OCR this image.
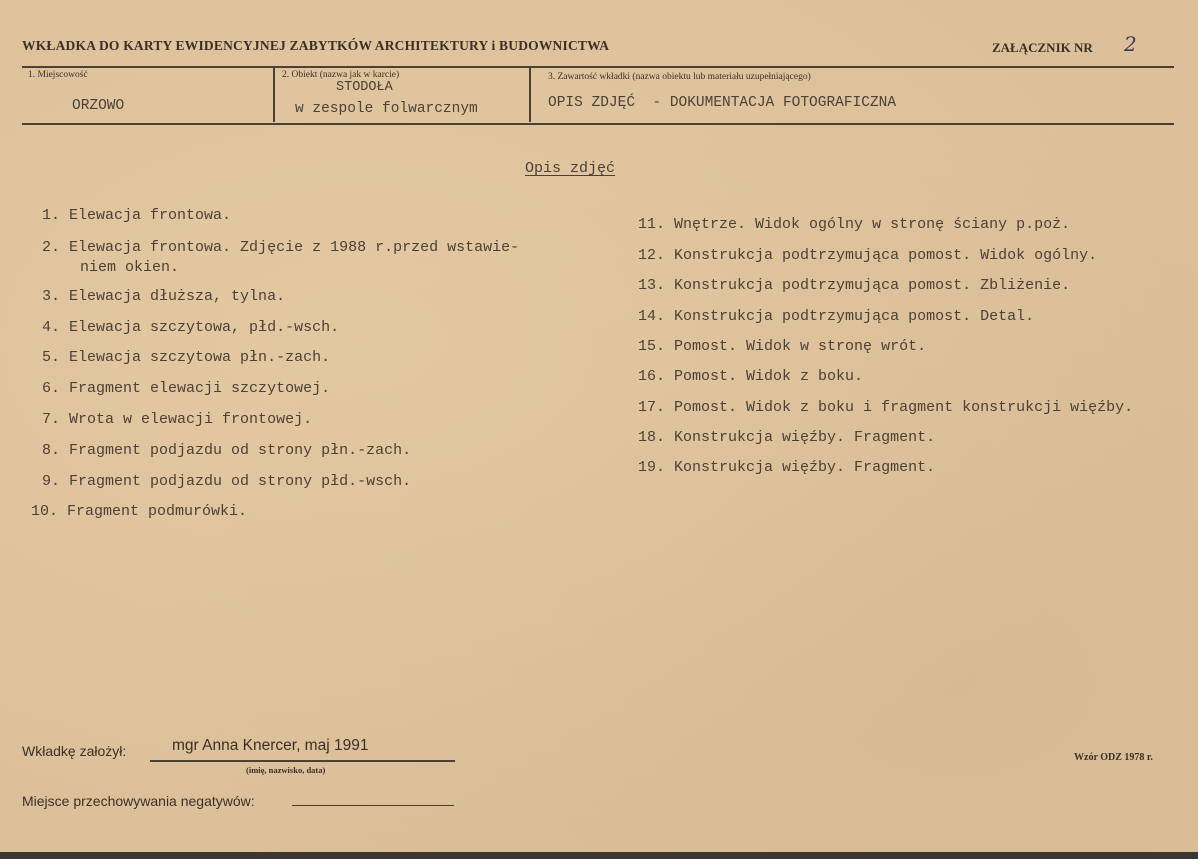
WKŁADKA DO KARTY EWIDENCYJNEJ ZABYTKÓW ARCHITEKTURY i BUDOWNICTWA	ZAŁĄCZNIK NR 2
1. Miejscowość
ORZOWO
2. Obiekt (nazwa jak w karcie)
STODOŁA
w zespole folwarcznym
3. Zawartość wkładki (nazwa obiektu lub materiału uzupełniającego)
OPIS ZDJĘĆ  - DOKUMENTACJA FOTOGRAFICZNA
Opis zdjęć
1. Elewacja frontowa.
2. Elewacja frontowa. Zdjęcie z 1988 r.przed wstawie-
niem okien.
3. Elewacja dłuższa, tylna.
4. Elewacja szczytowa, płd.-wsch.
5. Elewacja szczytowa płn.-zach.
6. Fragment elewacji szczytowej.
7. Wrota w elewacji frontowej.
8. Fragment podjazdu od strony płn.-zach.
9. Fragment podjazdu od strony płd.-wsch.
10. Fragment podmurówki.
11. Wnętrze. Widok ogólny w stronę ściany p.poż.
12. Konstrukcja podtrzymująca pomost. Widok ogólny.
13. Konstrukcja podtrzymująca pomost. Zbliżenie.
14. Konstrukcja podtrzymująca pomost. Detal.
15. Pomost. Widok w stronę wrót.
16. Pomost. Widok z boku.
17. Pomost. Widok z boku i fragment konstrukcji więźby.
18. Konstrukcja więźby. Fragment.
19. Konstrukcja więźby. Fragment.
Wkładkę założył:	mgr Anna Knercer, maj 1991
(imię, nazwisko, data)
Miejsce przechowywania negatywów:
Wzór ODZ 1978 r.
